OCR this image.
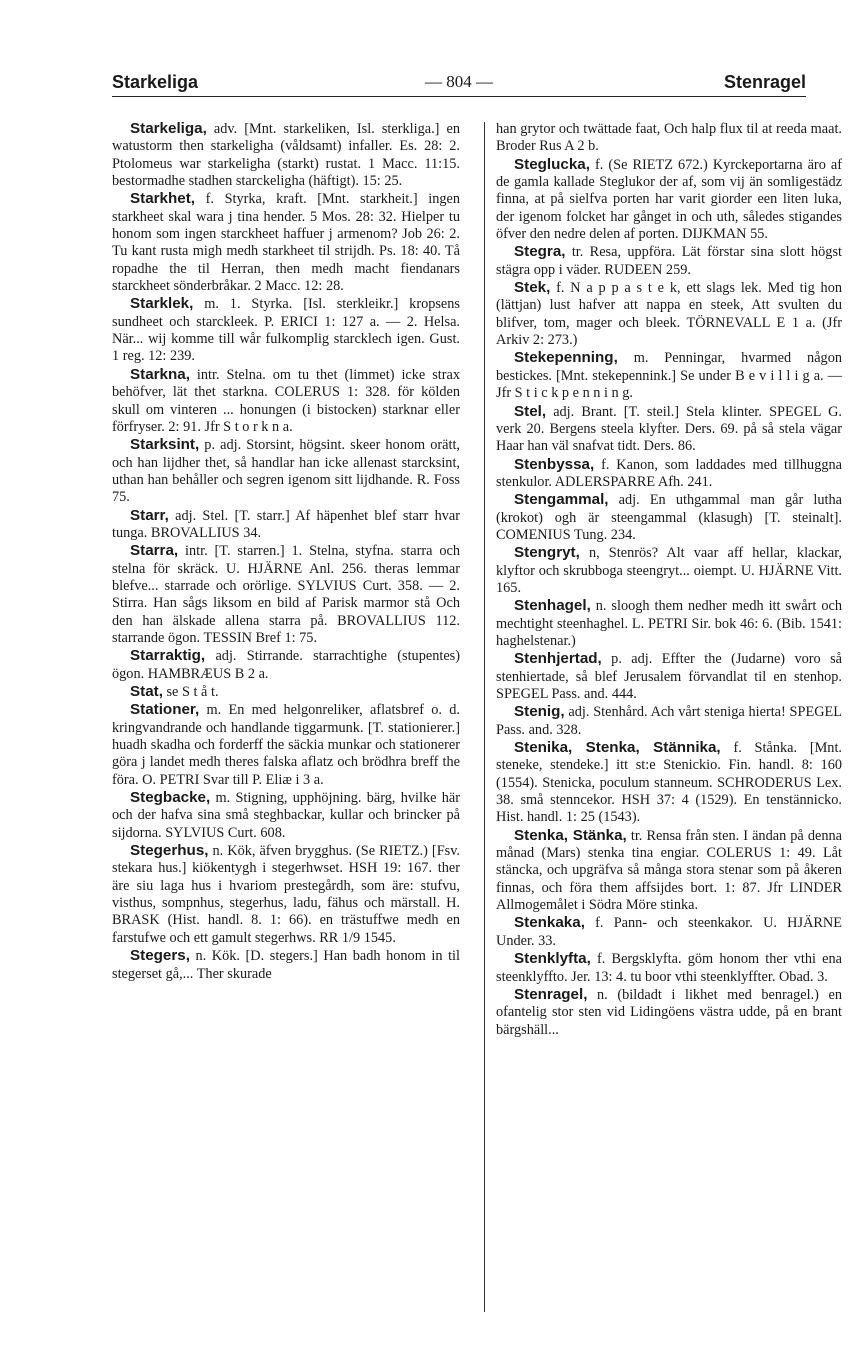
Starkeliga	— 804 —	Stenragel

Starkeliga, adv. [Mnt. starkeliken, Isl. sterkliga.] en watustorm then starkeligha (våldsamt) infaller. Es. 28: 2. Ptolomeus war starkeligha (starkt) rustat. 1 Macc. 11:15. bestormadhe stadhen starckeligha (häftigt). 15: 25.

Starkhet, f. Styrka, kraft. [Mnt. starkheit.] ingen starkheet skal wara j tina hender. 5 Mos. 28: 32. Hielper tu honom som ingen starckheet haffuer j armenom? Job 26: 2. Tu kant rusta migh medh starkheet til strijdh. Ps. 18: 40. Tå ropadhe the til Herran, then medh macht fiendanars starckheet sönderbråkar. 2 Macc. 12: 28.

Starklek, m. 1. Styrka. [Isl. sterkleikr.] kropsens sundheet och starckleek. P. ERICI 1: 127 a. — 2. Helsa. När... wij komme till wår fulkomplig starcklech igen. Gust. 1 reg. 12: 239.

Starkna, intr. Stelna. om tu thet (limmet) icke strax behöfver, lät thet starkna. COLERUS 1: 328. för kölden skull om vinteren ... honungen (i bistocken) starknar eller förfryser. 2: 91. Jfr S t o r k n a.

Starksint, p. adj. Storsint, högsint. skeer honom orätt, och han lijdher thet, så handlar han icke allenast starcksint, uthan han behåller och segren igenom sitt lijdhande. R. Foss 75.

Starr, adj. Stel. [T. starr.] Af häpenhet blef starr hvar tunga. BROVALLIUS 34.

Starra, intr. [T. starren.] 1. Stelna, styfna. starra och stelna för skräck. U. HJÄRNE Anl. 256. theras lemmar blefve... starrade och orörlige. SYLVIUS Curt. 358. — 2. Stirra. Han sågs liksom en bild af Parisk marmor stå Och den han älskade allena starra på. BROVALLIUS 112. starrande ögon. TESSIN Bref 1: 75.

Starraktig, adj. Stirrande. starrachtighe (stupentes) ögon. HAMBRÆUS B 2 a.

Stat, se S t å t.

Stationer, m. En med helgonreliker, aflatsbref o. d. kringvandrande och handlande tiggarmunk. [T. stationierer.] huadh skadha och forderff the säckia munkar och stationerer göra j landet medh theres falska aflatz och brödhra breff the föra. O. PETRI Svar till P. Eliæ i 3 a.

Stegbacke, m. Stigning, upphöjning. bärg, hvilke här och der hafva sina små steghbackar, kullar och brincker på sijdorna. SYLVIUS Curt. 608.

Stegerhus, n. Kök, äfven brygghus. (Se RIETZ.) [Fsv. stekara hus.] kiökentygh i stegerhwset. HSH 19: 167. ther äre siu laga hus i hvariom prestegårdh, som äre: stufvu, visthus, sompnhus, stegerhus, ladu, fähus och märstall. H. BRASK (Hist. handl. 8. 1: 66). en trästuffwe medh en farstufwe och ett gamult stegerhws. RR 1/9 1545.

Stegers, n. Kök. [D. stegers.] Han badh honom in til stegerset gå,... Ther skurade

han grytor och twättade faat, Och halp flux til at reeda maat. Broder Rus A 2 b.

Steglucka, f. (Se RIETZ 672.) Kyrckeportarna äro af de gamla kallade Steglukor der af, som vij än somligestädz finna, at på sielfva porten har varit giorder een liten luka, der igenom folcket har gånget in och uth, således stigandes öfver den nedre delen af porten. DIJKMAN 55.

Stegra, tr. Resa, uppföra. Lät förstar sina slott högst stägra opp i väder. RUDEEN 259.

Stek, f. N a p p a s t e k, ett slags lek. Med tig hon (lättjan) lust hafver att nappa en steek, Att svulten du blifver, tom, mager och bleek. TÖRNEVALL E 1 a. (Jfr Arkiv 2: 273.)

Stekepenning, m. Penningar, hvarmed någon bestickes. [Mnt. stekepennink.] Se under B e v i l l i g a. — Jfr S t i c k p e n n i n g.

Stel, adj. Brant. [T. steil.] Stela klinter. SPEGEL G. verk 20. Bergens steela klyfter. Ders. 69. på så stela vägar Haar han väl snafvat tidt. Ders. 86.

Stenbyssa, f. Kanon, som laddades med tillhuggna stenkulor. ADLERSPARRE Afh. 241.

Stengammal, adj. En uthgammal man går lutha (krokot) ogh är steengammal (klasugh) [T. steinalt]. COMENIUS Tung. 234.

Stengryt, n, Stenrös? Alt vaar aff hellar, klackar, klyftor och skrubboga steengryt... oiempt. U. HJÄRNE Vitt. 165.

Stenhagel, n. sloogh them nedher medh itt swårt och mechtight steenhaghel. L. PETRI Sir. bok 46: 6. (Bib. 1541: haghelstenar.)

Stenhjertad, p. adj. Effter the (Judarne) voro så stenhiertade, så blef Jerusalem förvandlat til en stenhop. SPEGEL Pass. and. 444.

Stenig, adj. Stenhård. Ach vårt steniga hierta! SPEGEL Pass. and. 328.

Stenika, Stenka, Stännika, f. Stånka. [Mnt. steneke, stendeke.] itt st:e Stenickio. Fin. handl. 8: 160 (1554). Stenicka, poculum stanneum. SCHRODERUS Lex. 38. små stenncekor. HSH 37: 4 (1529). En tenstännicko. Hist. handl. 1: 25 (1543).

Stenka, Stänka, tr. Rensa från sten. I ändan på denna månad (Mars) stenka tina engiar. COLERUS 1: 49. Låt stäncka, och upgräfva så många stora stenar som på åkeren finnas, och föra them affsijdes bort. 1: 87. Jfr LINDER Allmogemålet i Södra Möre stinka.

Stenkaka, f. Pann- och steenkakor. U. HJÄRNE Under. 33.

Stenklyfta, f. Bergsklyfta. göm honom ther vthi ena steenklyffto. Jer. 13: 4. tu boor vthi steenklyffter. Obad. 3.

Stenragel, n. (bildadt i likhet med benragel.) en ofantelig stor sten vid Lidingöens västra udde, på en brant bärgshäll...
